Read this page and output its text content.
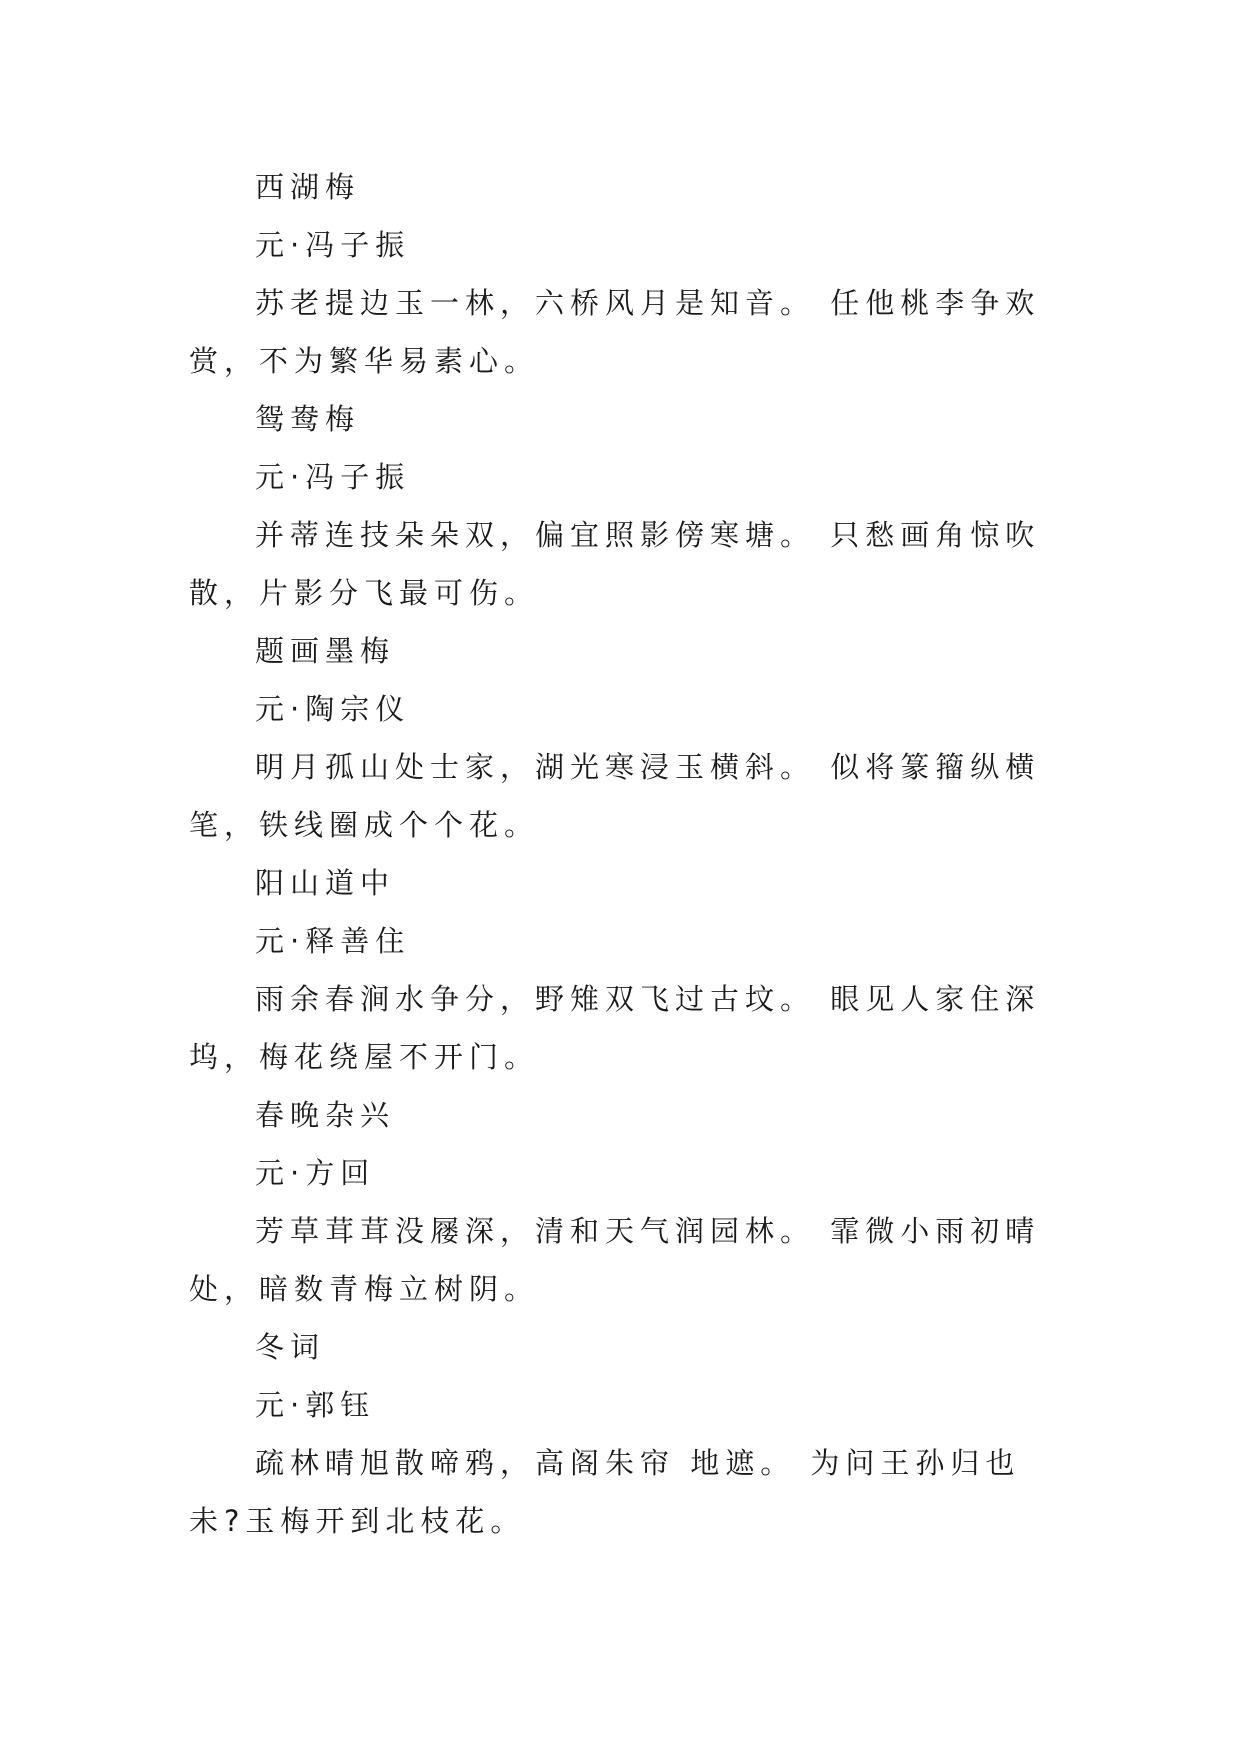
西湖梅
元·冯子振

苏老提边玉一林，六桥风月是知音。 任他桃李争欢赏，不为繁华易素心。

鸳鸯梅
元·冯子振

并蒂连技朵朵双，偏宜照影傍寒塘。 只愁画角惊吹散，片影分飞最可伤。

题画墨梅
元·陶宗仪

明月孤山处士家，湖光寒浸玉横斜。 似将篆籀纵横笔，铁线圈成个个花。

阳山道中
元·释善住

雨余春涧水争分，野雉双飞过古坟。 眼见人家住深坞，梅花绕屋不开门。

春晚杂兴
元·方回

芳草茸茸没屦深，清和天气润园林。 霏微小雨初晴处，暗数青梅立树阴。

冬词
元·郭钰

疏林晴旭散啼鸦，高阁朱帘 地遮。 为问王孙归也未?玉梅开到北枝花。
